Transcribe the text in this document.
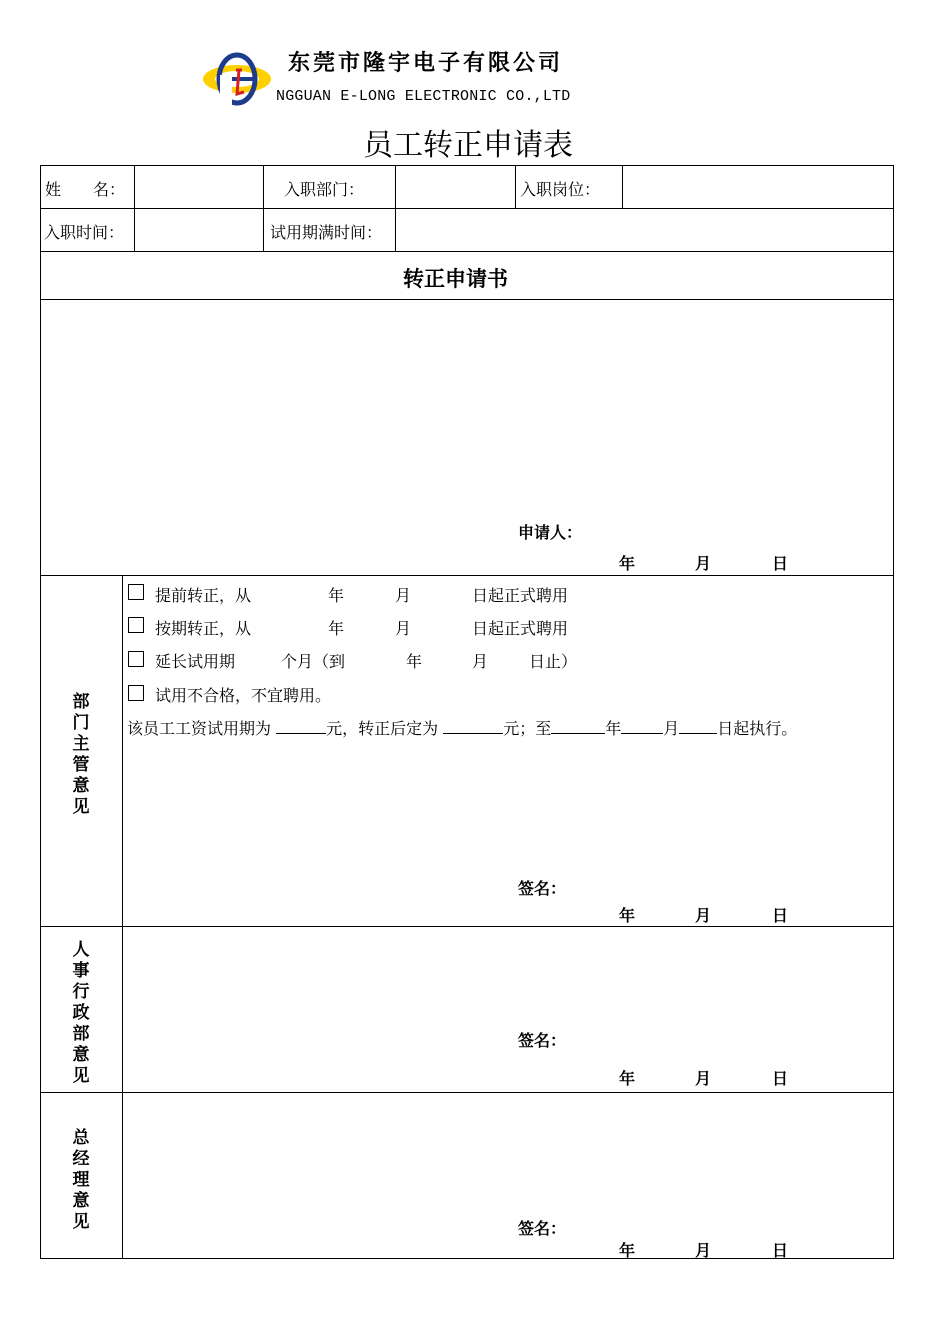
东莞市隆宇电子有限公司
NGGUAN E-LONG ELECTRONIC CO.,LTD
员工转正申请表
姓　　名：	入职部门：	入职岗位：
入职时间：	试用期满时间：
转正申请书
申请人：
年	月	日
部门主管意见
提前转正，从	年	月	日起正式聘用
按期转正，从	年	月	日起正式聘用
延长试用期	个月（到	年	月	日止）
试用不合格，不宜聘用。
该员工工资试用期为	元，转正后定为	元；至	年	月 日起执行。
签名：
年	月	日
人事行政部意见
签名：
年	月	日
总经理意见	签名：
年	月	日
